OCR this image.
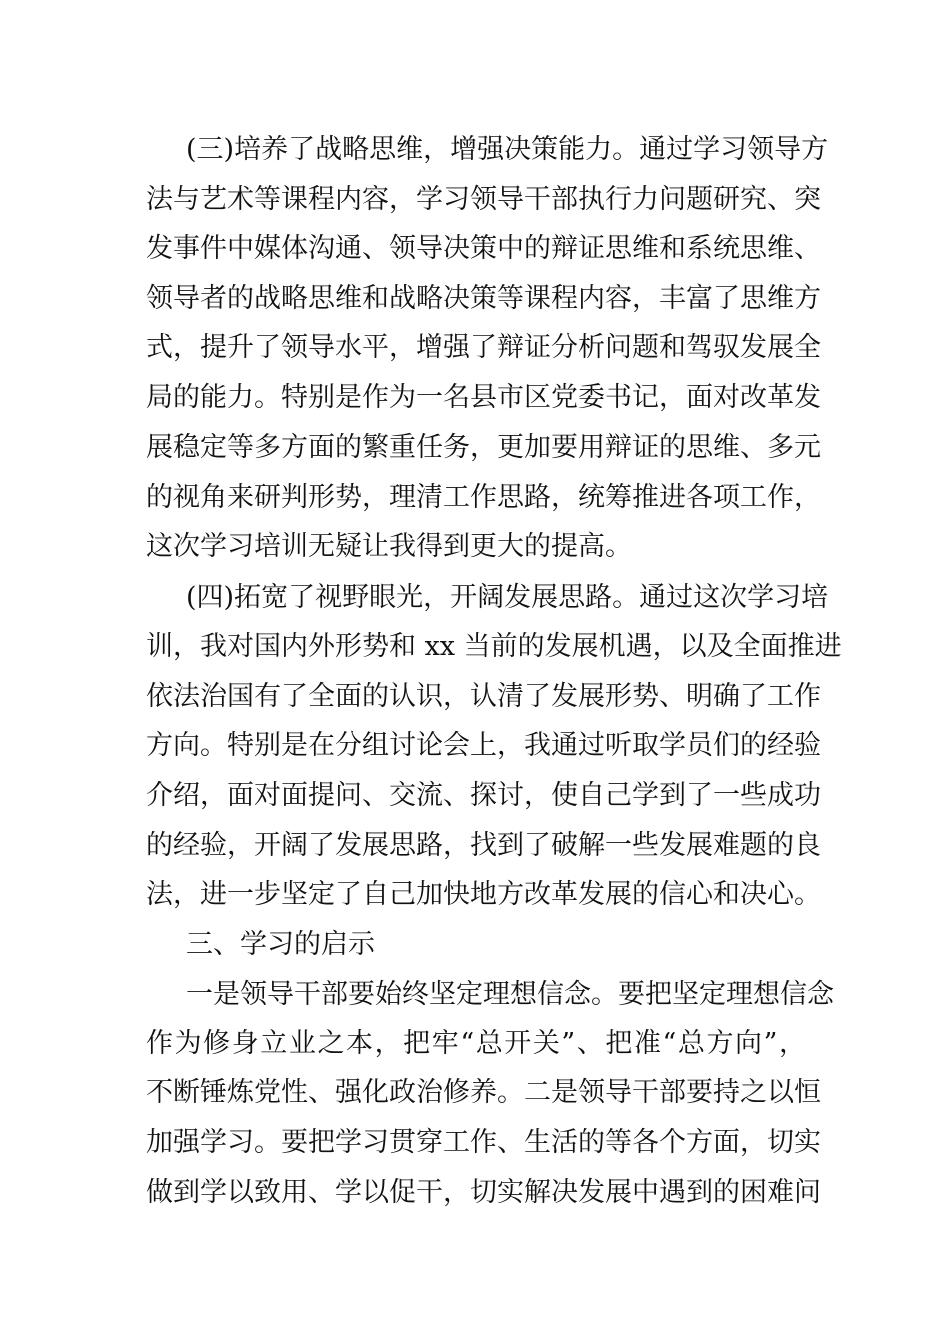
(三)培养了战略思维，增强决策能力。通过学习领导方
法与艺术等课程内容，学习领导干部执行力问题研究、突
发事件中媒体沟通、领导决策中的辩证思维和系统思维、
领导者的战略思维和战略决策等课程内容，丰富了思维方
式，提升了领导水平，增强了辩证分析问题和驾驭发展全
局的能力。特别是作为一名县市区党委书记，面对改革发
展稳定等多方面的繁重任务，更加要用辩证的思维、多元
的视角来研判形势，理清工作思路，统筹推进各项工作，
这次学习培训无疑让我得到更大的提高。
(四)拓宽了视野眼光，开阔发展思路。通过这次学习培
训，我对国内外形势和 xx 当前的发展机遇，以及全面推进
依法治国有了全面的认识，认清了发展形势、明确了工作
方向。特别是在分组讨论会上，我通过听取学员们的经验
介绍，面对面提问、交流、探讨，使自己学到了一些成功
的经验，开阔了发展思路，找到了破解一些发展难题的良
法，进一步坚定了自己加快地方改革发展的信心和决心。
三、学习的启示
一是领导干部要始终坚定理想信念。要把坚定理想信念
作为修身立业之本，把牢“总开关”、把准“总方向”，
不断锤炼党性、强化政治修养。二是领导干部要持之以恒
加强学习。要把学习贯穿工作、生活的等各个方面，切实
做到学以致用、学以促干，切实解决发展中遇到的困难问
